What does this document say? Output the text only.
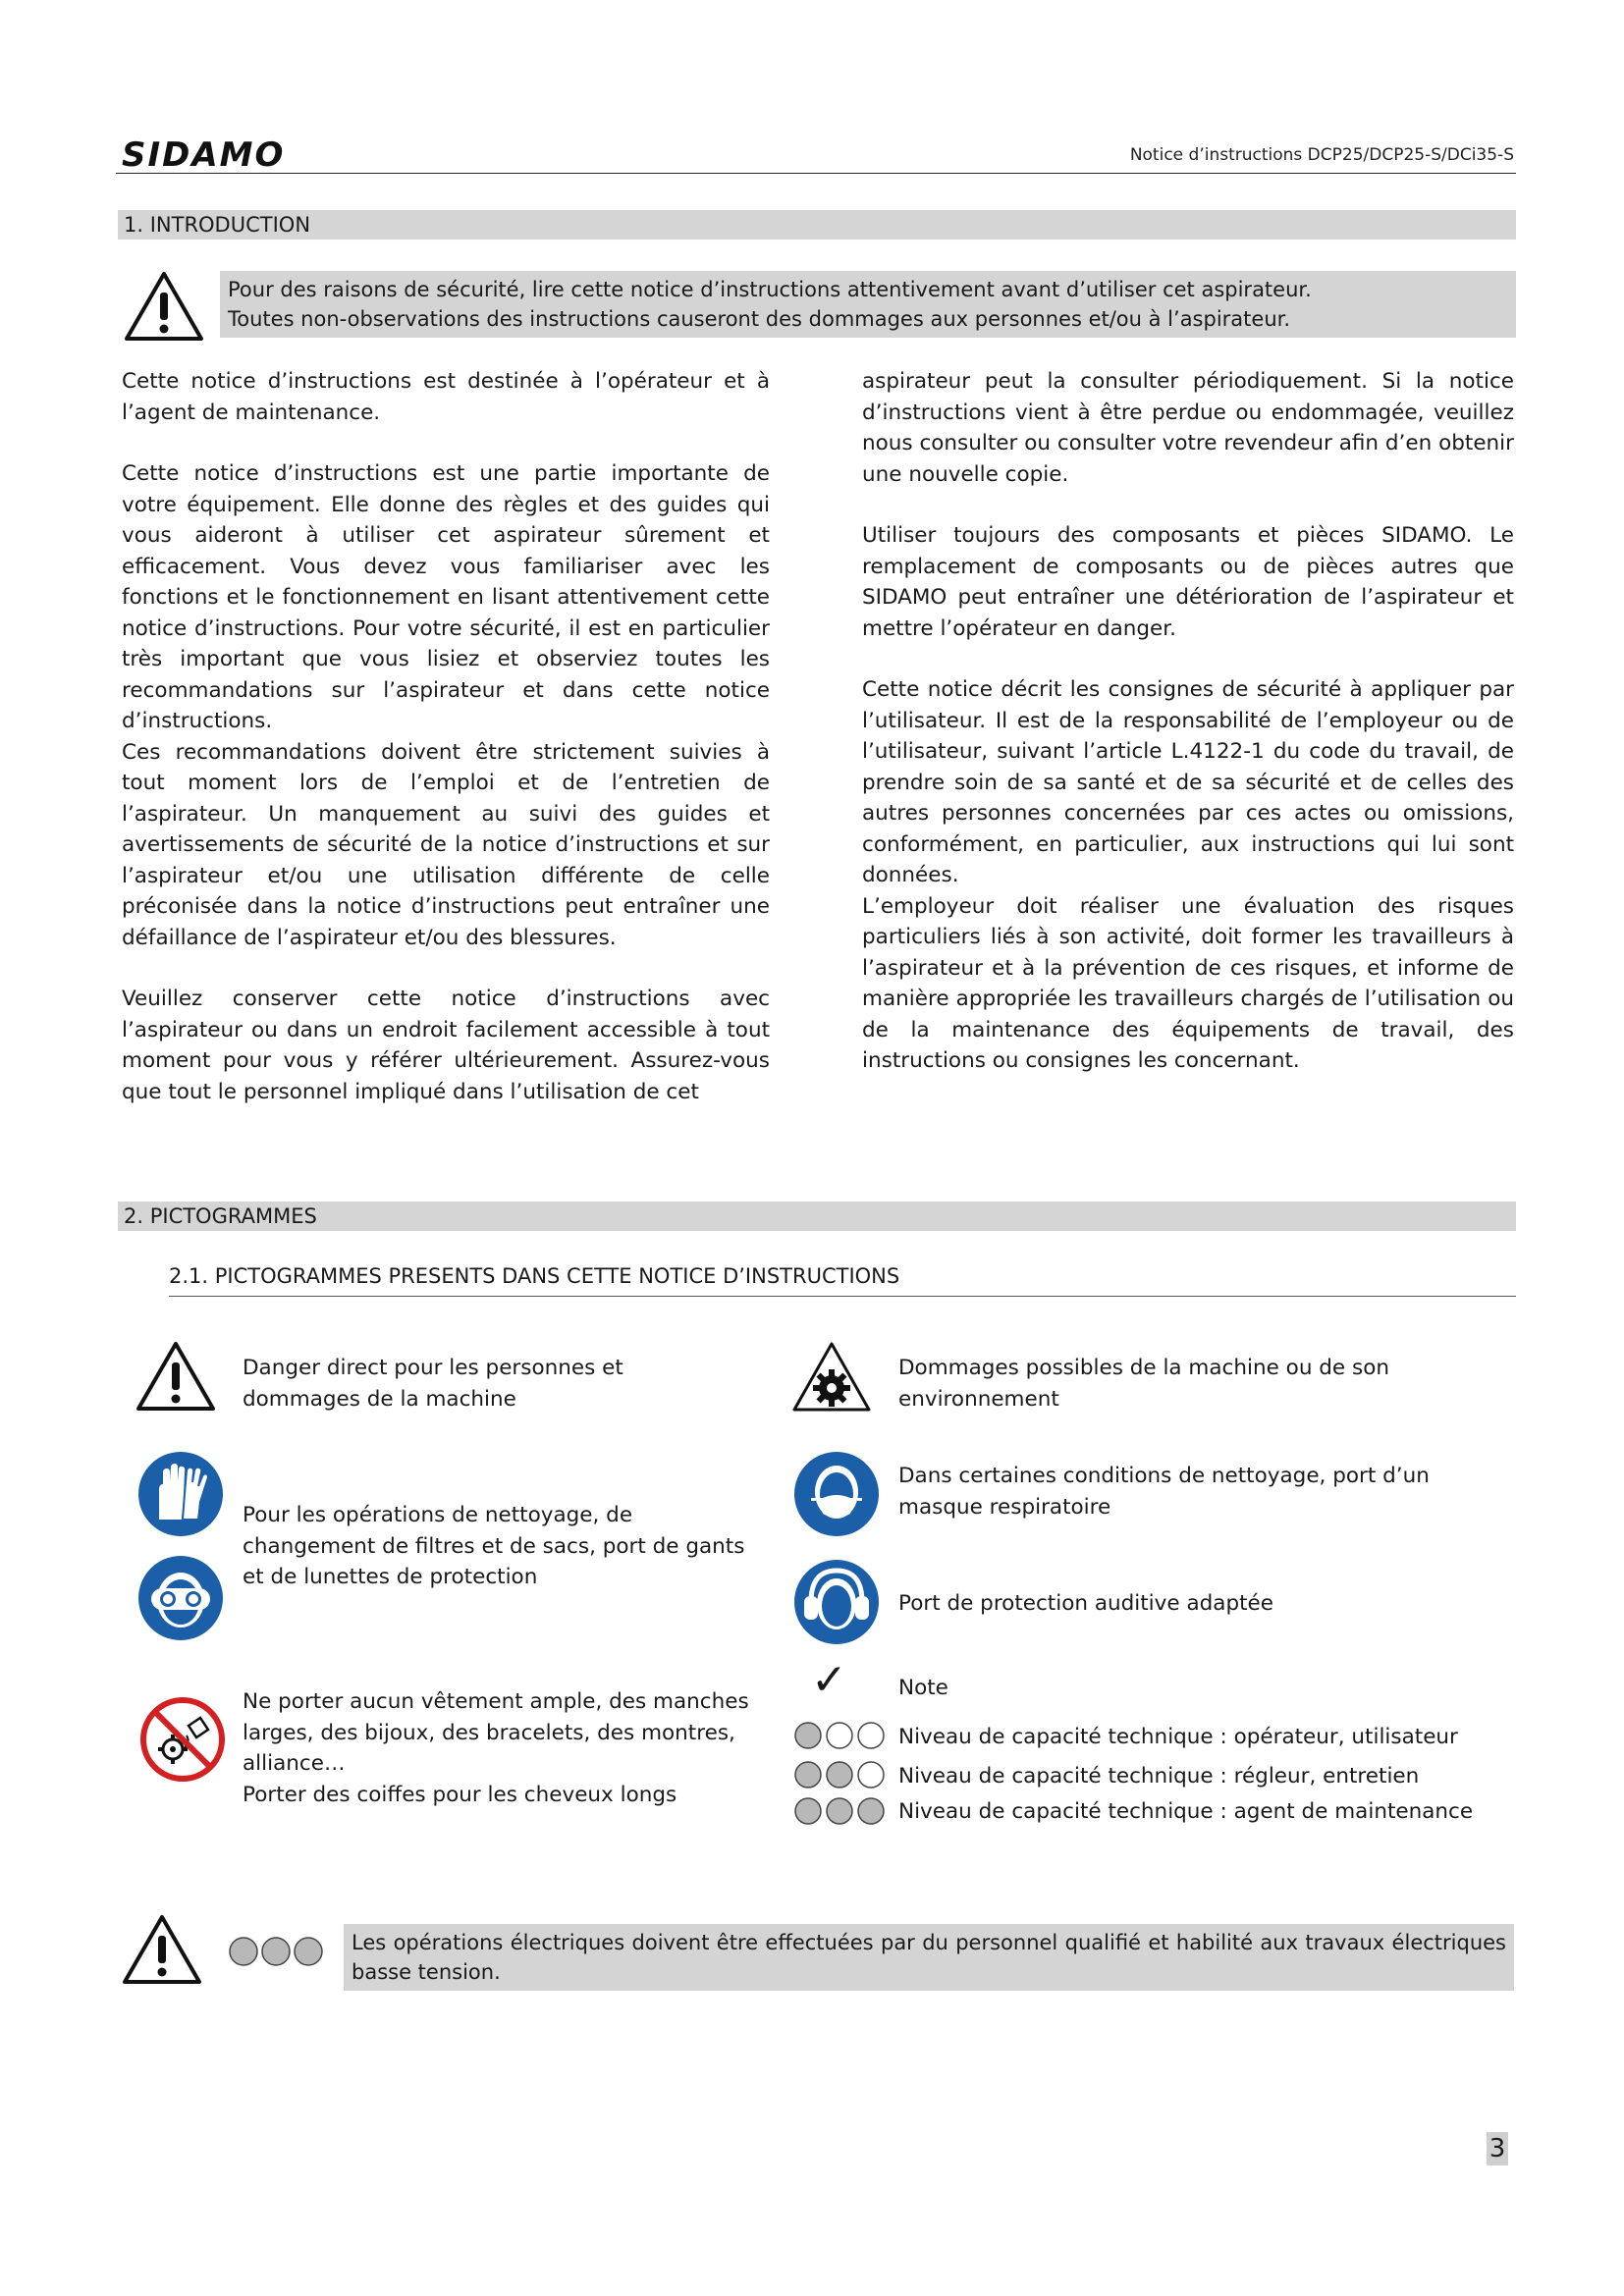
SIDAMO	Notice d’instructions DCP25/DCP25-S/DCi35-S
1. INTRODUCTION
Pour des raisons de sécurité, lire cette notice d’instructions attentivement avant d’utiliser cet aspirateur.
Toutes non-observations des instructions causeront des dommages aux personnes et/ou à l’aspirateur.

Cette notice d’instructions est destinée à l’opérateur et à l’agent de maintenance.

Cette notice d’instructions est une partie importante de votre équipement. Elle donne des règles et des guides qui vous aideront à utiliser cet aspirateur sûrement et efficacement. Vous devez vous familiariser avec les fonctions et le fonctionnement en lisant attentivement cette notice d’instructions. Pour votre sécurité, il est en particulier très important que vous lisiez et observiez toutes les recommandations sur l’aspirateur et dans cette notice d’instructions.

Ces recommandations doivent être strictement suivies à tout moment lors de l’emploi et de l’entretien de l’aspirateur. Un manquement au suivi des guides et avertissements de sécurité de la notice d’instructions et sur l’aspirateur et/ou une utilisation différente de celle préconisée dans la notice d’instructions peut entraîner une défaillance de l’aspirateur et/ou des blessures.

Veuillez conserver cette notice d’instructions avec l’aspirateur ou dans un endroit facilement accessible à tout moment pour vous y référer ultérieurement. Assurez-vous que tout le personnel impliqué dans l’utilisation de cet

aspirateur peut la consulter périodiquement. Si la notice d’instructions vient à être perdue ou endommagée, veuillez nous consulter ou consulter votre revendeur afin d’en obtenir une nouvelle copie.

Utiliser toujours des composants et pièces SIDAMO. Le remplacement de composants ou de pièces autres que SIDAMO peut entraîner une détérioration de l’aspirateur et mettre l’opérateur en danger.

Cette notice décrit les consignes de sécurité à appliquer par l’utilisateur. Il est de la responsabilité de l’employeur ou de l’utilisateur, suivant l’article L.4122-1 du code du travail, de prendre soin de sa santé et de sa sécurité et de celles des autres personnes concernées par ces actes ou omissions, conformément, en particulier, aux instructions qui lui sont données.

L’employeur doit réaliser une évaluation des risques particuliers liés à son activité, doit former les travailleurs à l’aspirateur et à la prévention de ces risques, et informe de manière appropriée les travailleurs chargés de l’utilisation ou de la maintenance des équipements de travail, des instructions ou consignes les concernant.

2. PICTOGRAMMES
2.1. PICTOGRAMMES PRESENTS DANS CETTE NOTICE D’INSTRUCTIONS
Danger direct pour les personnes et dommages de la machine
Dommages possibles de la machine ou de son environnement
Pour les opérations de nettoyage, de changement de filtres et de sacs, port de gants et de lunettes de protection
Dans certaines conditions de nettoyage, port d’un masque respiratoire
Port de protection auditive adaptée
Ne porter aucun vêtement ample, des manches larges, des bijoux, des bracelets, des montres, alliance…
Porter des coiffes pour les cheveux longs
✓ Note
Niveau de capacité technique : opérateur, utilisateur
Niveau de capacité technique : régleur, entretien
Niveau de capacité technique : agent de maintenance
Les opérations électriques doivent être effectuées par du personnel qualifié et habilité aux travaux électriques basse tension.
3
